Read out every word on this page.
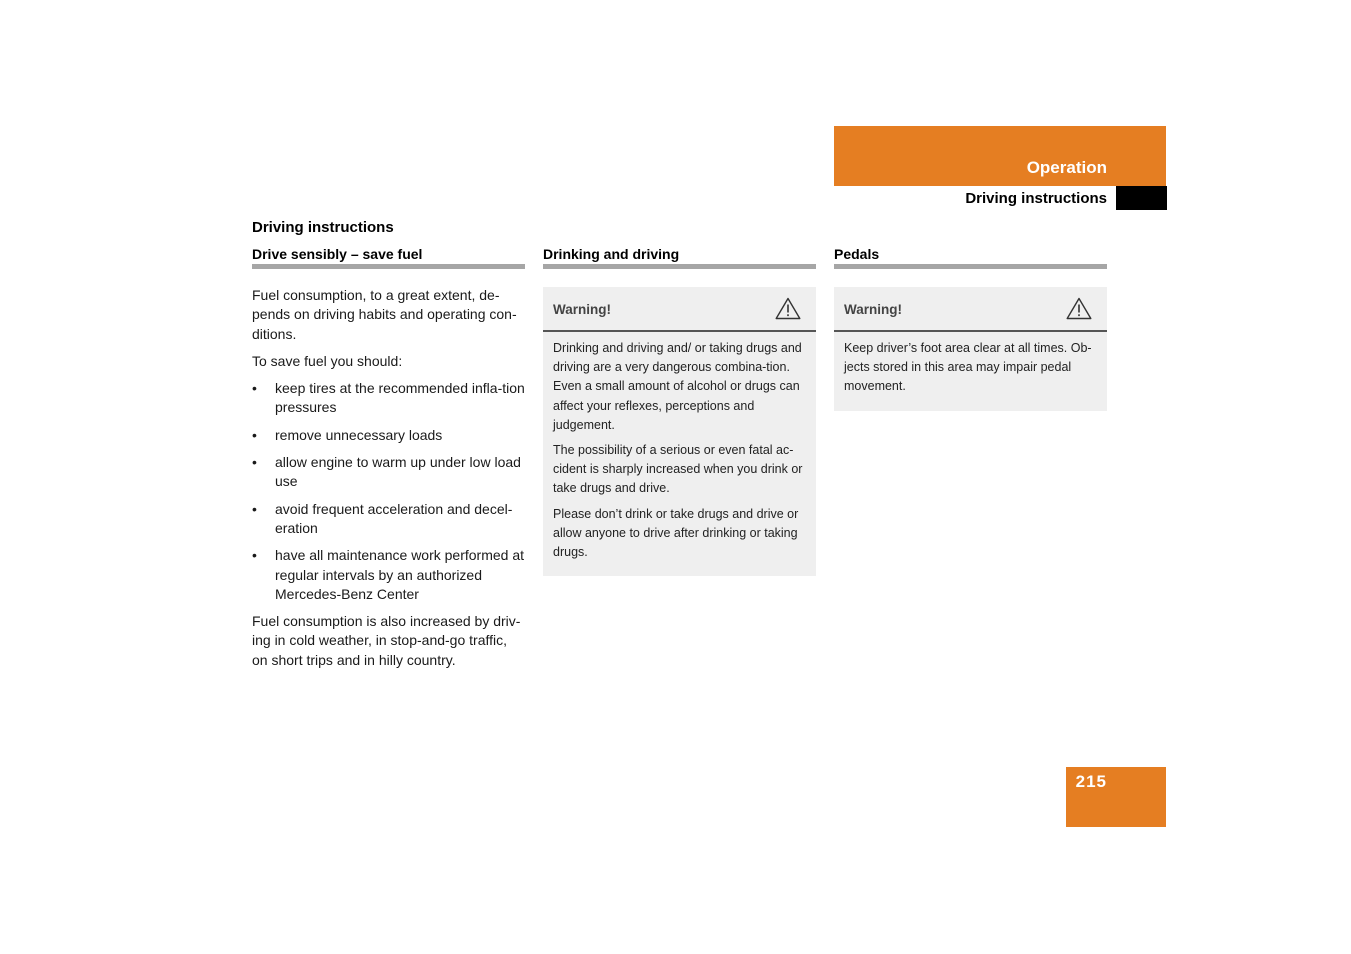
Operation
Driving instructions
Driving instructions
Drive sensibly – save fuel

Fuel consumption, to a great extent, de-pends on driving habits and operating con-ditions.

To save fuel you should:

• keep tires at the recommended infla-tion pressures
• remove unnecessary loads
• allow engine to warm up under low load use
• avoid frequent acceleration and decel-eration
• have all maintenance work performed at regular intervals by an authorized Mercedes-Benz Center

Fuel consumption is also increased by driv-ing in cold weather, in stop-and-go traffic, on short trips and in hilly country.

Drinking and driving
Warning!

Drinking and driving and/ or taking drugs and driving are a very dangerous combina-tion. Even a small amount of alcohol or drugs can affect your reflexes, perceptions and judgement.

The possibility of a serious or even fatal ac-cident is sharply increased when you drink or take drugs and drive.

Please don’t drink or take drugs and drive or allow anyone to drive after drinking or taking drugs.

Pedals
Warning!

Keep driver’s foot area clear at all times. Ob-jects stored in this area may impair pedal movement.

215
